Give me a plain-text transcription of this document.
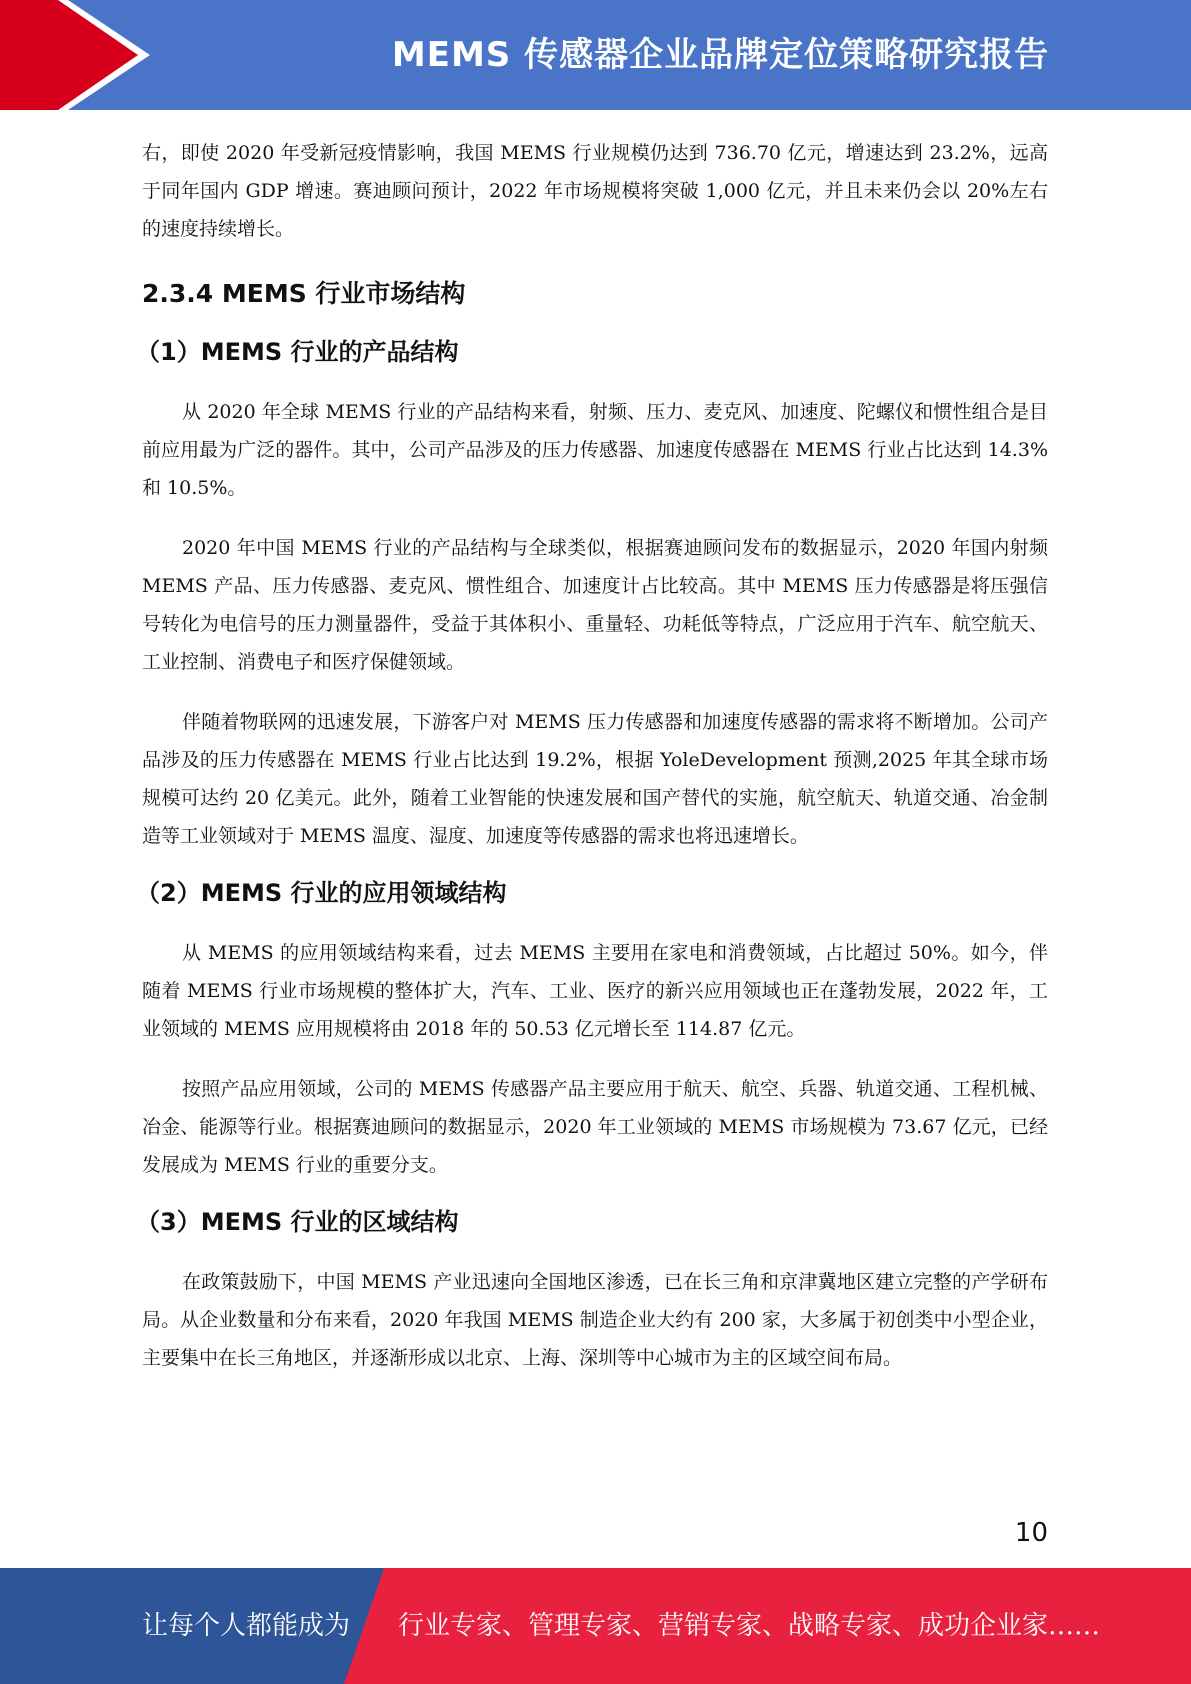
MEMS 传感器企业品牌定位策略研究报告

右，即使 2020 年受新冠疫情影响，我国 MEMS 行业规模仍达到 736.70 亿元，增速达到 23.2%，远高于同年国内 GDP 增速。赛迪顾问预计，2022 年市场规模将突破 1,000 亿元，并且未来仍会以 20%左右的速度持续增长。

2.3.4 MEMS 行业市场结构
（1）MEMS 行业的产品结构

从 2020 年全球 MEMS 行业的产品结构来看，射频、压力、麦克风、加速度、陀螺仪和惯性组合是目前应用最为广泛的器件。其中，公司产品涉及的压力传感器、加速度传感器在 MEMS 行业占比达到 14.3%和 10.5%。

2020 年中国 MEMS 行业的产品结构与全球类似，根据赛迪顾问发布的数据显示，2020 年国内射频 MEMS 产品、压力传感器、麦克风、惯性组合、加速度计占比较高。其中 MEMS 压力传感器是将压强信号转化为电信号的压力测量器件，受益于其体积小、重量轻、功耗低等特点，广泛应用于汽车、航空航天、工业控制、消费电子和医疗保健领域。

伴随着物联网的迅速发展，下游客户对 MEMS 压力传感器和加速度传感器的需求将不断增加。公司产品涉及的压力传感器在 MEMS 行业占比达到 19.2%，根据 YoleDevelopment 预测,2025 年其全球市场规模可达约 20 亿美元。此外，随着工业智能的快速发展和国产替代的实施，航空航天、轨道交通、冶金制造等工业领域对于 MEMS 温度、湿度、加速度等传感器的需求也将迅速增长。

（2）MEMS 行业的应用领域结构

从 MEMS 的应用领域结构来看，过去 MEMS 主要用在家电和消费领域，占比超过 50%。如今，伴随着 MEMS 行业市场规模的整体扩大，汽车、工业、医疗的新兴应用领域也正在蓬勃发展，2022 年，工业领域的 MEMS 应用规模将由 2018 年的 50.53 亿元增长至 114.87 亿元。

按照产品应用领域，公司的 MEMS 传感器产品主要应用于航天、航空、兵器、轨道交通、工程机械、冶金、能源等行业。根据赛迪顾问的数据显示，2020 年工业领域的 MEMS 市场规模为 73.67 亿元，已经发展成为 MEMS 行业的重要分支。

（3）MEMS 行业的区域结构

在政策鼓励下，中国 MEMS 产业迅速向全国地区渗透，已在长三角和京津冀地区建立完整的产学研布局。从企业数量和分布来看，2020 年我国 MEMS 制造企业大约有 200 家，大多属于初创类中小型企业，主要集中在长三角地区，并逐渐形成以北京、上海、深圳等中心城市为主的区域空间布局。

10
让每个人都能成为 行业专家、管理专家、营销专家、战略专家、成功企业家……
